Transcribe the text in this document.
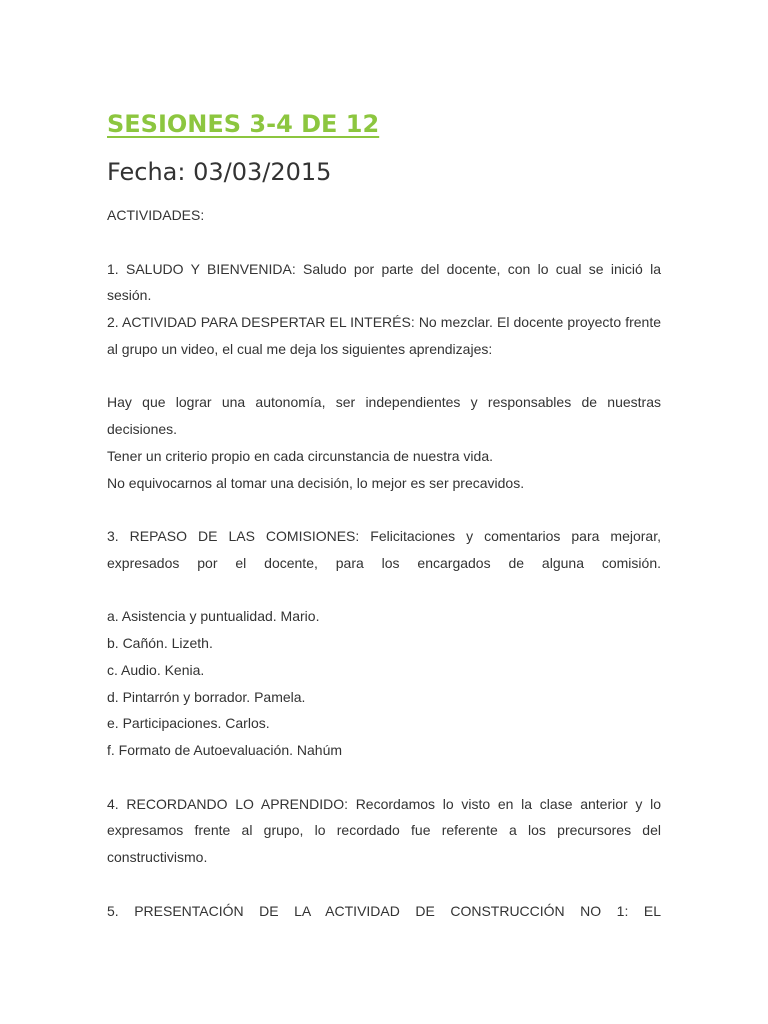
SESIONES 3-4 DE 12
Fecha: 03/03/2015

ACTIVIDADES:

1. SALUDO Y BIENVENIDA: Saludo por parte del docente, con lo cual se inició la sesión.

2. ACTIVIDAD PARA DESPERTAR EL INTERÉS: No mezclar. El docente proyecto frente al grupo un video, el cual me deja los siguientes aprendizajes:

Hay que lograr una autonomía, ser independientes y responsables de nuestras decisiones.

Tener un criterio propio en cada circunstancia de nuestra vida.

No equivocarnos al tomar una decisión, lo mejor es ser precavidos.

3. REPASO DE LAS COMISIONES: Felicitaciones y comentarios para mejorar, expresados por el docente, para los encargados de alguna comisión.

a. Asistencia y puntualidad. Mario.

b. Cañón. Lizeth.

c. Audio. Kenia.

d. Pintarrón y borrador. Pamela.

e. Participaciones. Carlos.

f. Formato de Autoevaluación. Nahúm

4. RECORDANDO LO APRENDIDO: Recordamos lo visto en la clase anterior y lo expresamos frente al grupo, lo recordado fue referente a los precursores del constructivismo.

5. PRESENTACIÓN DE LA ACTIVIDAD DE CONSTRUCCIÓN NO 1: EL
